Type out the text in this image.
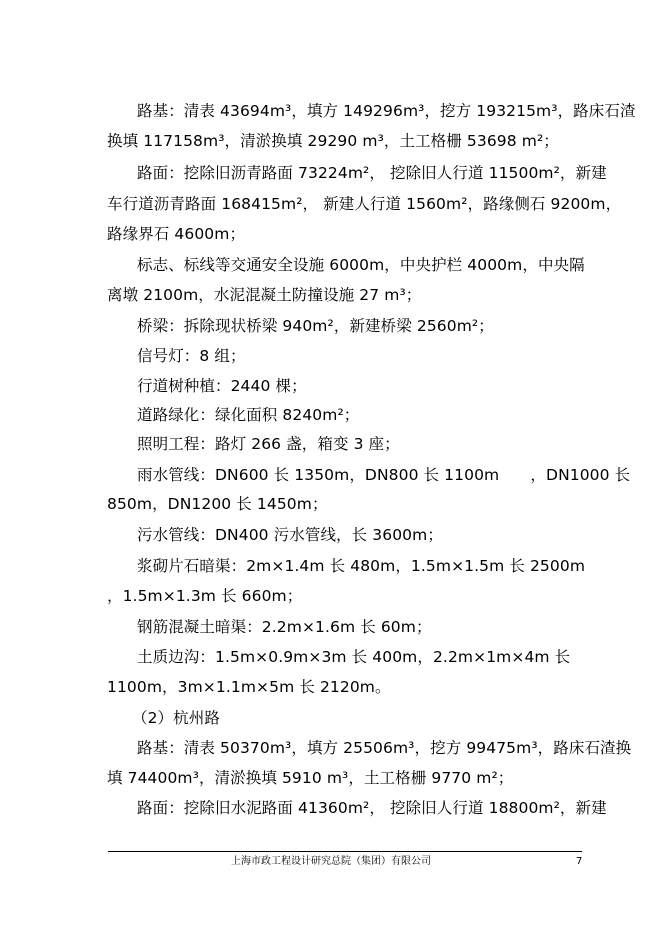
路基：清表 43694m³，填方 149296m³，挖方 193215m³，路床石渣
换填 117158m³，清淤换填 29290 m³，土工格栅 53698 m²；
路面：挖除旧沥青路面 73224m²， 挖除旧人行道 11500m²，新建
车行道沥青路面 168415m²， 新建人行道 1560m²，路缘侧石 9200m，
路缘界石 4600m；
标志、标线等交通安全设施 6000m，中央护栏 4000m，中央隔
离墩 2100m，水泥混凝土防撞设施 27 m³；
桥梁：拆除现状桥梁 940m²，新建桥梁 2560m²；
信号灯：8 组；
行道树种植：2440 棵；
道路绿化：绿化面积 8240m²；
照明工程：路灯 266 盏，箱变 3 座；
雨水管线：DN600 长 1350m，DN800 长 1100m　　，DN1000 长
850m，DN1200 长 1450m；
污水管线：DN400 污水管线，长 3600m；
浆砌片石暗渠：2m×1.4m 长 480m，1.5m×1.5m 长 2500m
，1.5m×1.3m 长 660m；
钢筋混凝土暗渠：2.2m×1.6m 长 60m；
土质边沟：1.5m×0.9m×3m 长 400m，2.2m×1m×4m 长
1100m，3m×1.1m×5m 长 2120m。
（2）杭州路
路基：清表 50370m³，填方 25506m³，挖方 99475m³，路床石渣换
填 74400m³，清淤换填 5910 m³，土工格栅 9770 m²；
路面：挖除旧水泥路面 41360m²， 挖除旧人行道 18800m²，新建
上海市政工程设计研究总院（集团）有限公司	7
